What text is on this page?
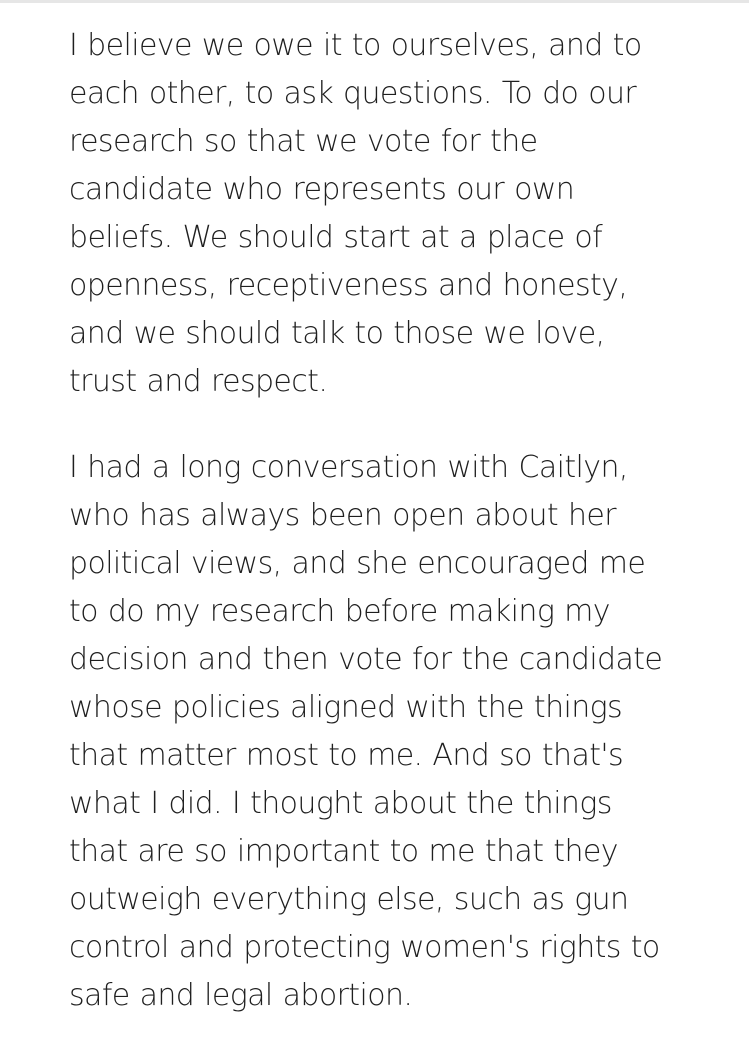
I believe we owe it to ourselves, and to
each other, to ask questions. To do our
research so that we vote for the
candidate who represents our own
beliefs. We should start at a place of
openness, receptiveness and honesty,
and we should talk to those we love,
trust and respect.

I had a long conversation with Caitlyn,
who has always been open about her
political views, and she encouraged me
to do my research before making my
decision and then vote for the candidate
whose policies aligned with the things
that matter most to me. And so that's
what I did. I thought about the things
that are so important to me that they
outweigh everything else, such as gun
control and protecting women's rights to
safe and legal abortion.
